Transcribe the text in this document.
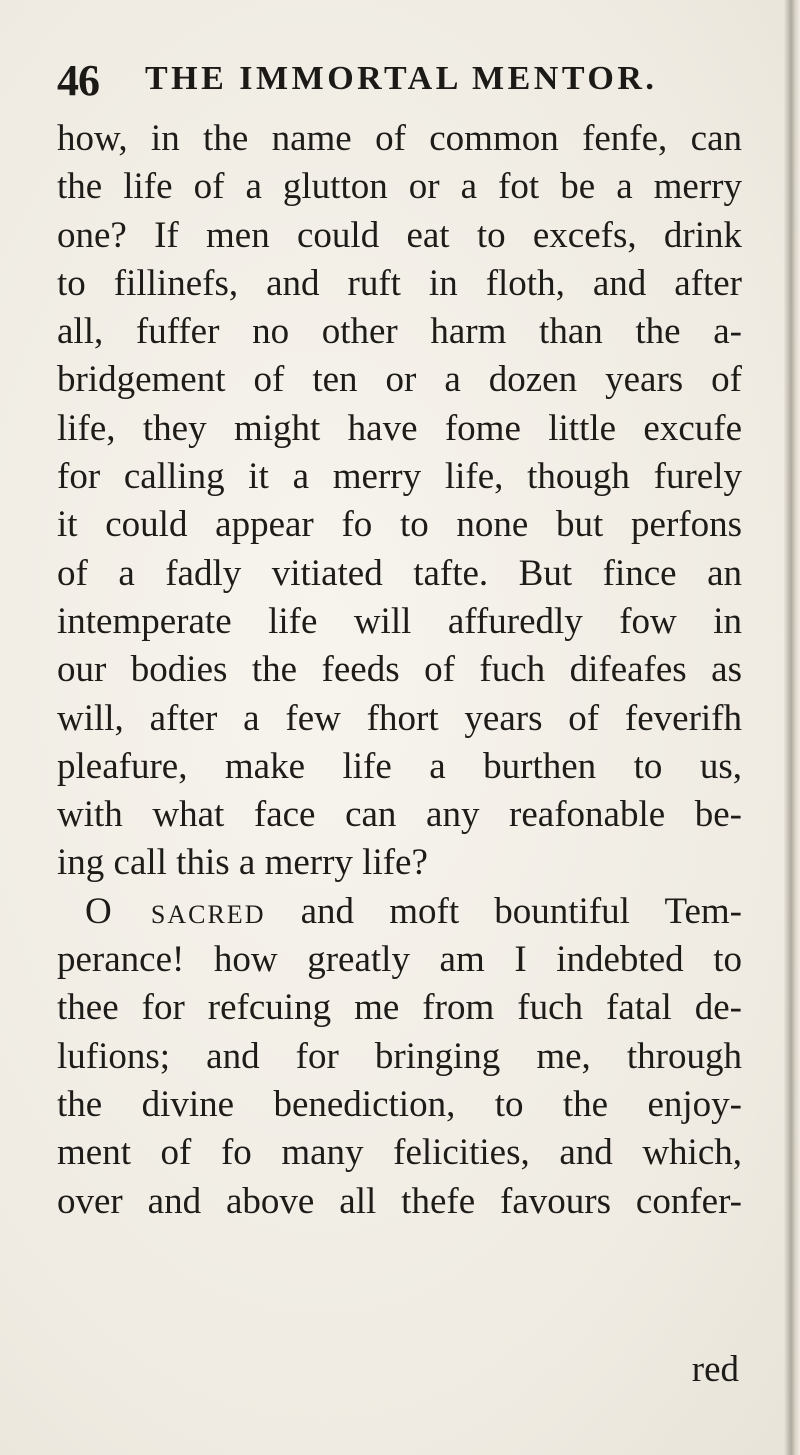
46 THE IMMORTAL MENTOR.
how, in the name of common fenfe, can
the life of a glutton or a fot be a merry
one? If men could eat to excefs, drink
to fillinefs, and ruft in floth, and after
all, fuffer no other harm than the a-
bridgement of ten or a dozen years of
life, they might have fome little excufe
for calling it a merry life, though furely
it could appear fo to none but perfons
of a fadly vitiated tafte. But fince an
intemperate life will affuredly fow in
our bodies the feeds of fuch difeafes as
will, after a few fhort years of feverifh
pleafure, make life a burthen to us,
with what face can any reafonable be-
ing call this a merry life?
O sacred and moft bountiful Tem-
perance! how greatly am I indebted to
thee for refcuing me from fuch fatal de-
lufions; and for bringing me, through
the divine benediction, to the enjoy-
ment of fo many felicities, and which,
over and above all thefe favours confer-
red
